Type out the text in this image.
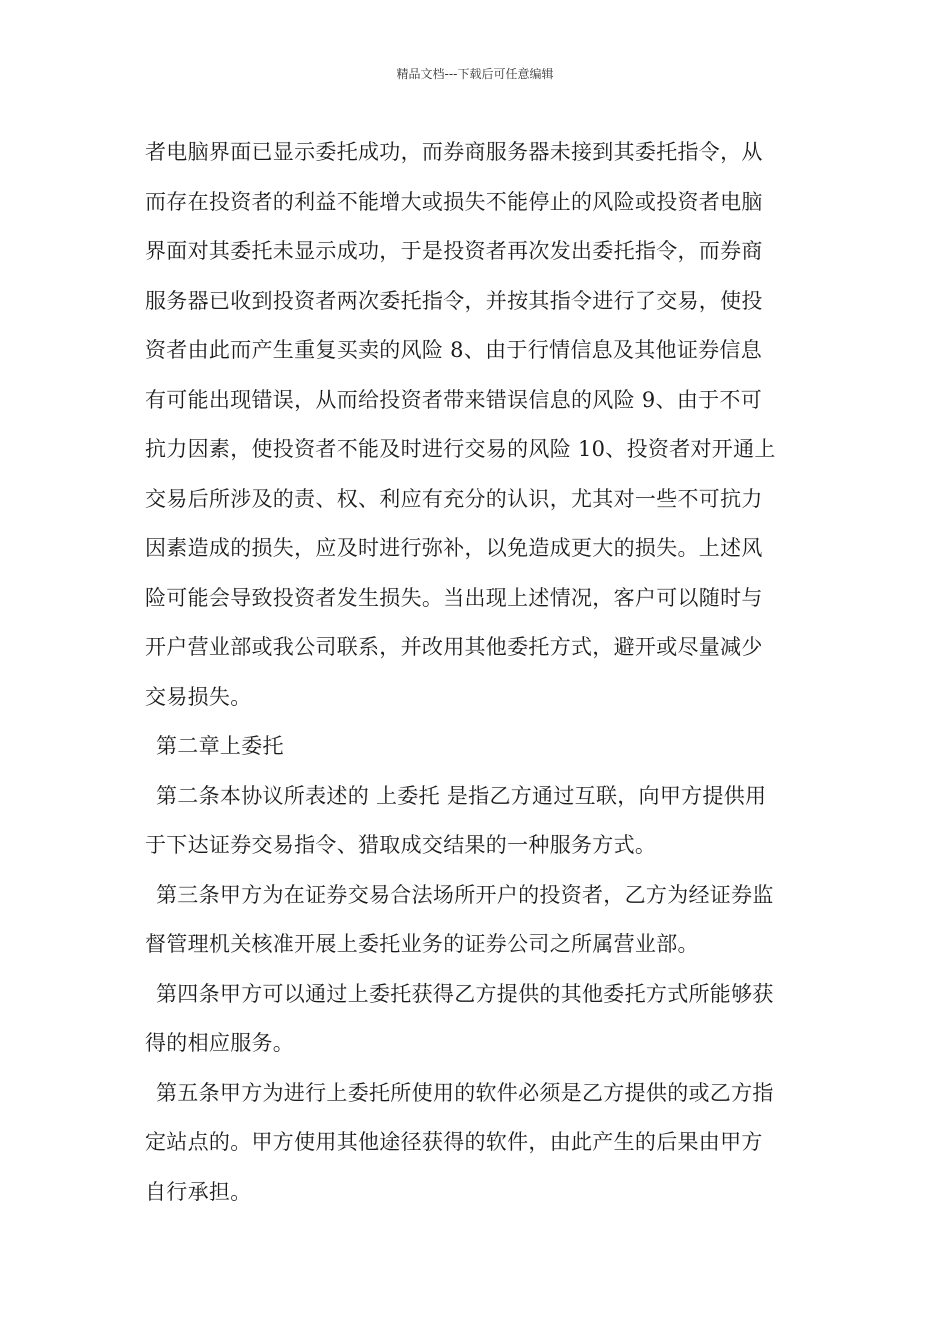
精品文档---下载后可任意编辑
者电脑界面已显示委托成功，而券商服务器未接到其委托指令，从
而存在投资者的利益不能增大或损失不能停止的风险或投资者电脑
界面对其委托未显示成功，于是投资者再次发出委托指令，而券商
服务器已收到投资者两次委托指令，并按其指令进行了交易，使投
资者由此而产生重复买卖的风险 8、由于行情信息及其他证券信息
有可能出现错误，从而给投资者带来错误信息的风险 9、由于不可
抗力因素，使投资者不能及时进行交易的风险 10、投资者对开通上
交易后所涉及的责、权、利应有充分的认识，尤其对一些不可抗力
因素造成的损失，应及时进行弥补，以免造成更大的损失。上述风
险可能会导致投资者发生损失。当出现上述情况，客户可以随时与
开户营业部或我公司联系，并改用其他委托方式，避开或尽量减少
交易损失。
第二章上委托
第二条本协议所表述的 上委托 是指乙方通过互联，向甲方提供用
于下达证券交易指令、猎取成交结果的一种服务方式。
第三条甲方为在证券交易合法场所开户的投资者，乙方为经证券监
督管理机关核准开展上委托业务的证券公司之所属营业部。
第四条甲方可以通过上委托获得乙方提供的其他委托方式所能够获
得的相应服务。
第五条甲方为进行上委托所使用的软件必须是乙方提供的或乙方指
定站点的。甲方使用其他途径获得的软件，由此产生的后果由甲方
自行承担。
